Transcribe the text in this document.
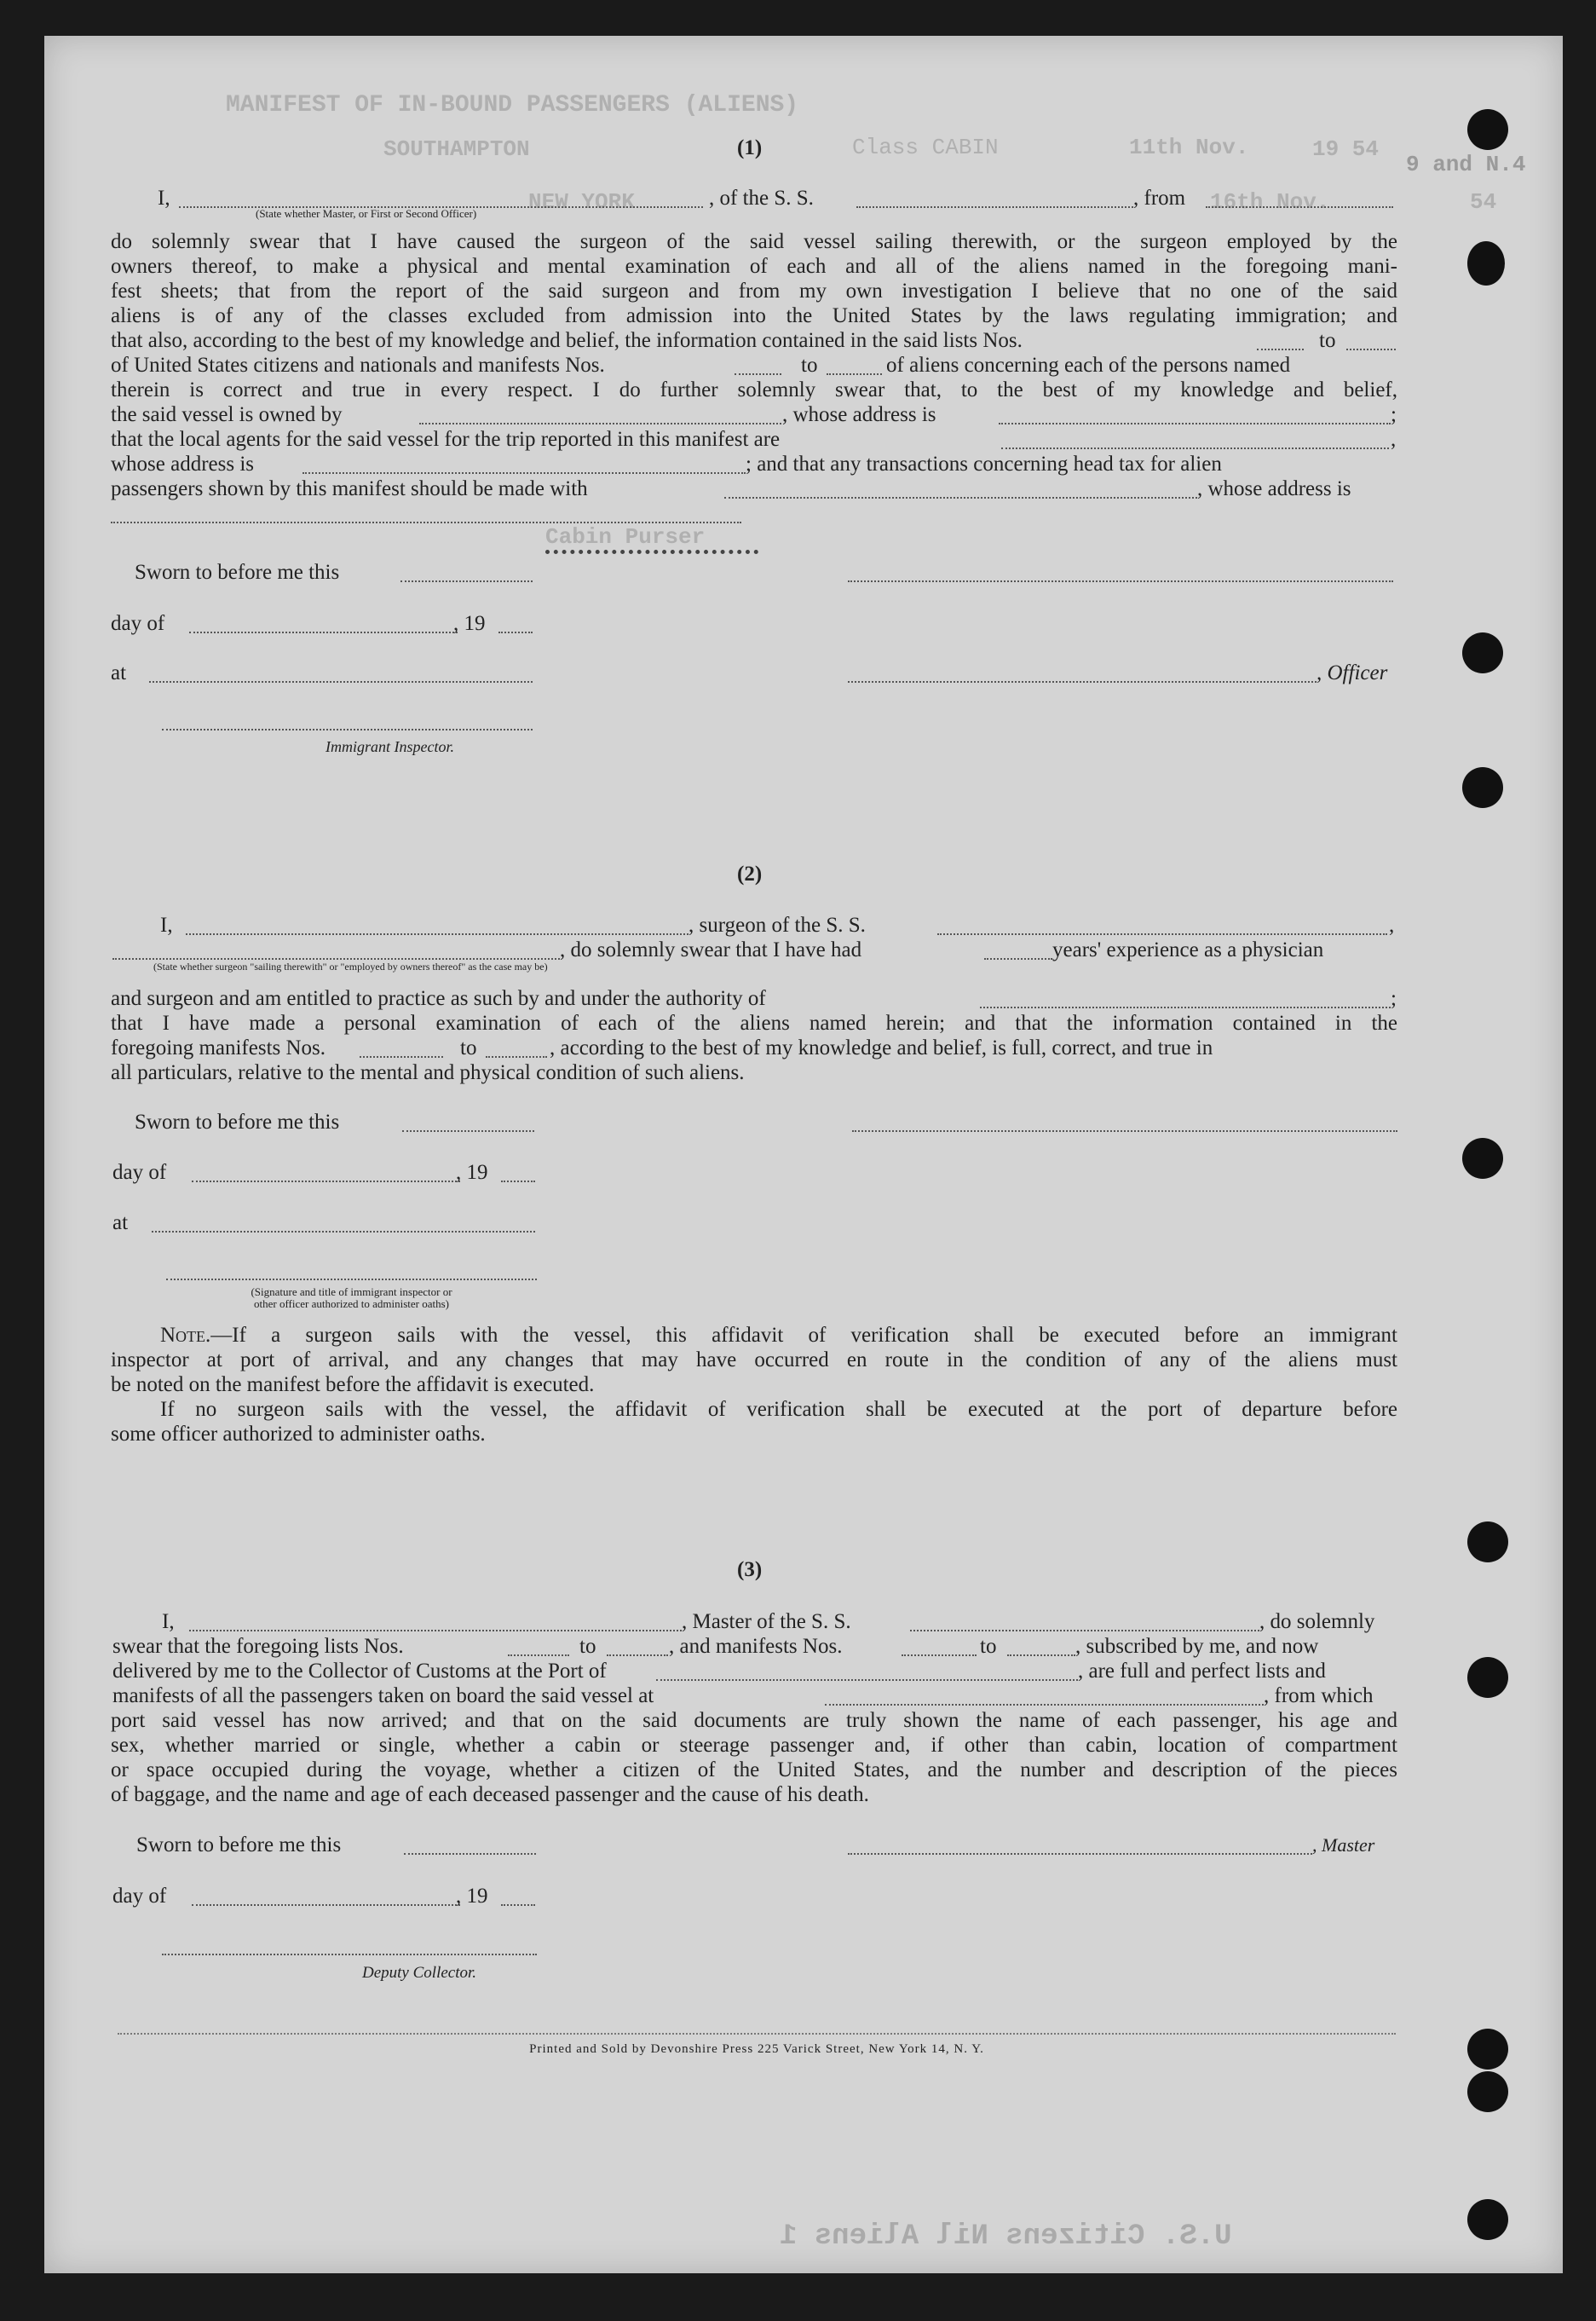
MANIFEST OF IN-BOUND PASSENGERS (ALIENS)
Class CABIN
SOUTHAMPTON	11th Nov.	19 54
9 and N.4
NEW YORK	16th Nov.	54
(1)
I,	, of the S. S.	, from
(State whether Master, or First or Second Officer)
do solemnly swear that I have caused the surgeon of the said vessel sailing therewith, or the surgeon employed by the
owners thereof, to make a physical and mental examination of each and all of the aliens named in the foregoing mani-
fest sheets; that from the report of the said surgeon and from my own investigation I believe that no one of the said
aliens is of any of the classes excluded from admission into the United States by the laws regulating immigration; and
that also, according to the best of my knowledge and belief, the information contained in the said lists Nos.	to
of United States citizens and nationals and manifests Nos.	to	of aliens concerning each of the persons named
therein is correct and true in every respect. I do further solemnly swear that, to the best of my knowledge and belief,
the said vessel is owned by	, whose address is	;
that the local agents for the said vessel for the trip reported in this manifest are	,
whose address is	; and that any transactions concerning head tax for alien
passengers shown by this manifest should be made with	, whose address is
Cabin Purser
Sworn to before me this
day of	, 19
at	, Officer
Immigrant Inspector.
(2)
I,	, surgeon of the S. S.	,
, do solemnly swear that I have had	years' experience as a physician
(State whether surgeon "sailing therewith" or "employed by owners thereof" as the case may be)
and surgeon and am entitled to practice as such by and under the authority of	;
that I have made a personal examination of each of the aliens named herein; and that the information contained in the
foregoing manifests Nos.	to	, according to the best of my knowledge and belief, is full, correct, and true in
all particulars, relative to the mental and physical condition of such aliens.
Sworn to before me this
day of	, 19
at
(Signature and title of immigrant inspector or
other officer authorized to administer oaths)
Note.—If a surgeon sails with the vessel, this affidavit of verification shall be executed before an immigrant
inspector at port of arrival, and any changes that may have occurred en route in the condition of any of the aliens must
be noted on the manifest before the affidavit is executed.
If no surgeon sails with the vessel, the affidavit of verification shall be executed at the port of departure before
some officer authorized to administer oaths.
(3)
I,	, Master of the S. S.	, do solemnly
swear that the foregoing lists Nos.	to	, and manifests Nos.	to	, subscribed by me, and now
delivered by me to the Collector of Customs at the Port of	, are full and perfect lists and
manifests of all the passengers taken on board the said vessel at	, from which
port said vessel has now arrived; and that on the said documents are truly shown the name of each passenger, his age and
sex, whether married or single, whether a cabin or steerage passenger and, if other than cabin, location of compartment
or space occupied during the voyage, whether a citizen of the United States, and the number and description of the pieces
of baggage, and the name and age of each deceased passenger and the cause of his death.
Sworn to before me this	, Master
day of	, 19
Deputy Collector.
Printed and Sold by Devonshire Press 225 Varick Street, New York 14, N. Y.
U.S. Citizens Nil Aliens 1
